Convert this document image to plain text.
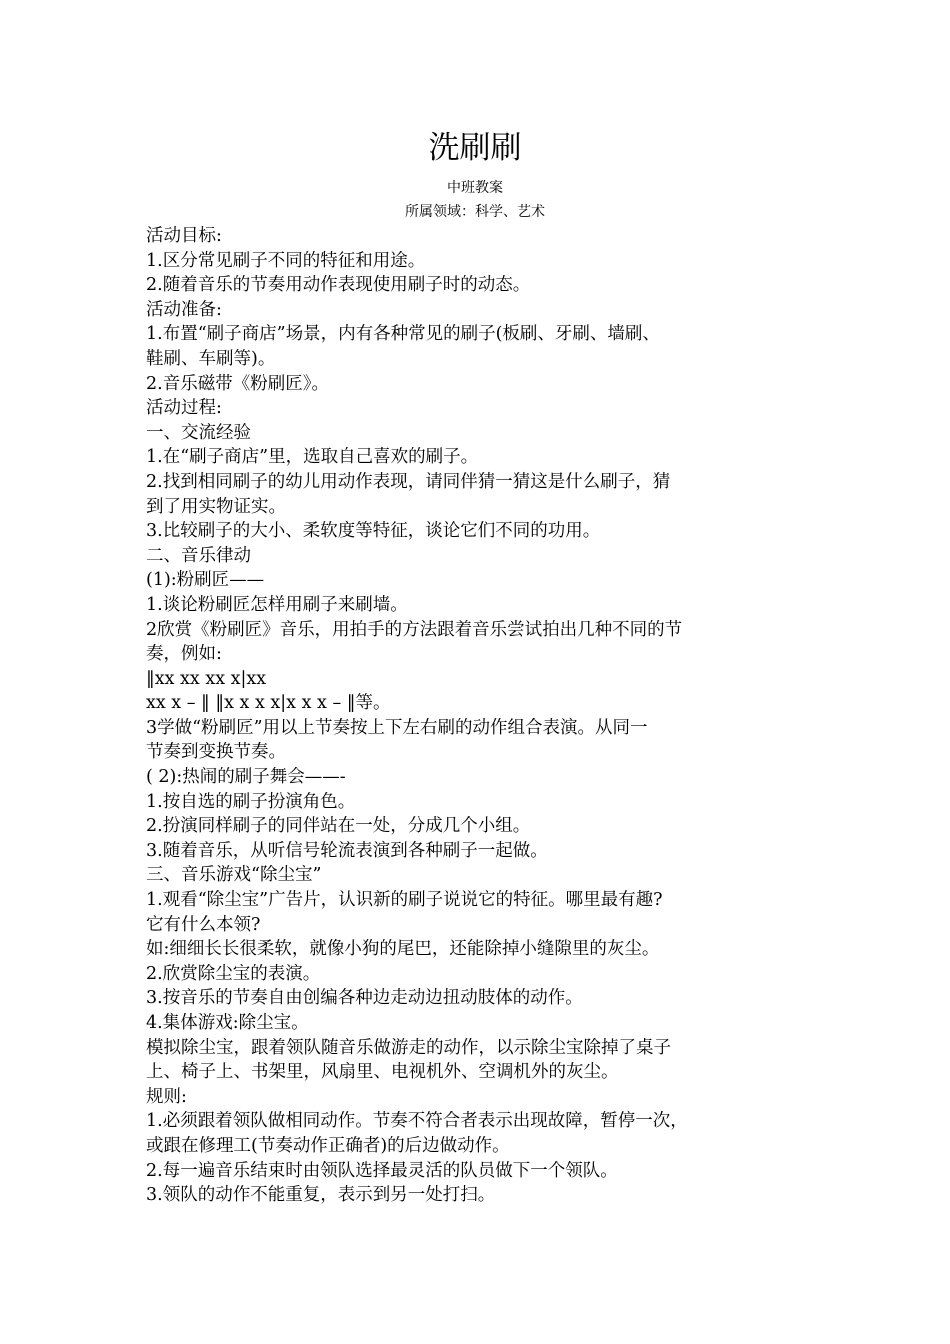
洗刷刷
中班教案
所属领域：科学、艺术

活动目标:

1.区分常见刷子不同的特征和用途。

2.随着音乐的节奏用动作表现使用刷子时的动态。

活动准备:

1.布置“刷子商店”场景，内有各种常见的刷子(板刷、牙刷、墙刷、

鞋刷、车刷等)。

2.音乐磁带《粉刷匠》。

活动过程:

一、交流经验

1.在“刷子商店”里，选取自己喜欢的刷子。

2.找到相同刷子的幼儿用动作表现，请同伴猜一猜这是什么刷子，猜

到了用实物证实。

3.比较刷子的大小、柔软度等特征，谈论它们不同的功用。

二、音乐律动

(1):粉刷匠——

1.谈论粉刷匠怎样用刷子来刷墙。

2欣赏《粉刷匠》音乐，用拍手的方法跟着音乐尝试拍出几种不同的节

奏，例如:

‖xx xx xx x|xx

xx x – ‖ ‖x x x x|x x x – ‖等。

3学做“粉刷匠”用以上节奏按上下左右刷的动作组合表演。从同一

节奏到变换节奏。

( 2):热闹的刷子舞会——-

1.按自选的刷子扮演角色。

2.扮演同样刷子的同伴站在一处，分成几个小组。

3.随着音乐，从听信号轮流表演到各种刷子一起做。

三、音乐游戏“除尘宝”

1.观看“除尘宝”广告片，认识新的刷子说说它的特征。哪里最有趣?

它有什么本领?

如:细细长长很柔软，就像小狗的尾巴，还能除掉小缝隙里的灰尘。

2.欣赏除尘宝的表演。

3.按音乐的节奏自由创编各种边走动边扭动肢体的动作。

4.集体游戏:除尘宝。

模拟除尘宝，跟着领队随音乐做游走的动作，以示除尘宝除掉了桌子

上、椅子上、书架里，风扇里、电视机外、空调机外的灰尘。

规则:

1.必须跟着领队做相同动作。节奏不符合者表示出现故障，暂停一次，

或跟在修理工(节奏动作正确者)的后边做动作。

2.每一遍音乐结束时由领队选择最灵活的队员做下一个领队。

3.领队的动作不能重复，表示到另一处打扫。
